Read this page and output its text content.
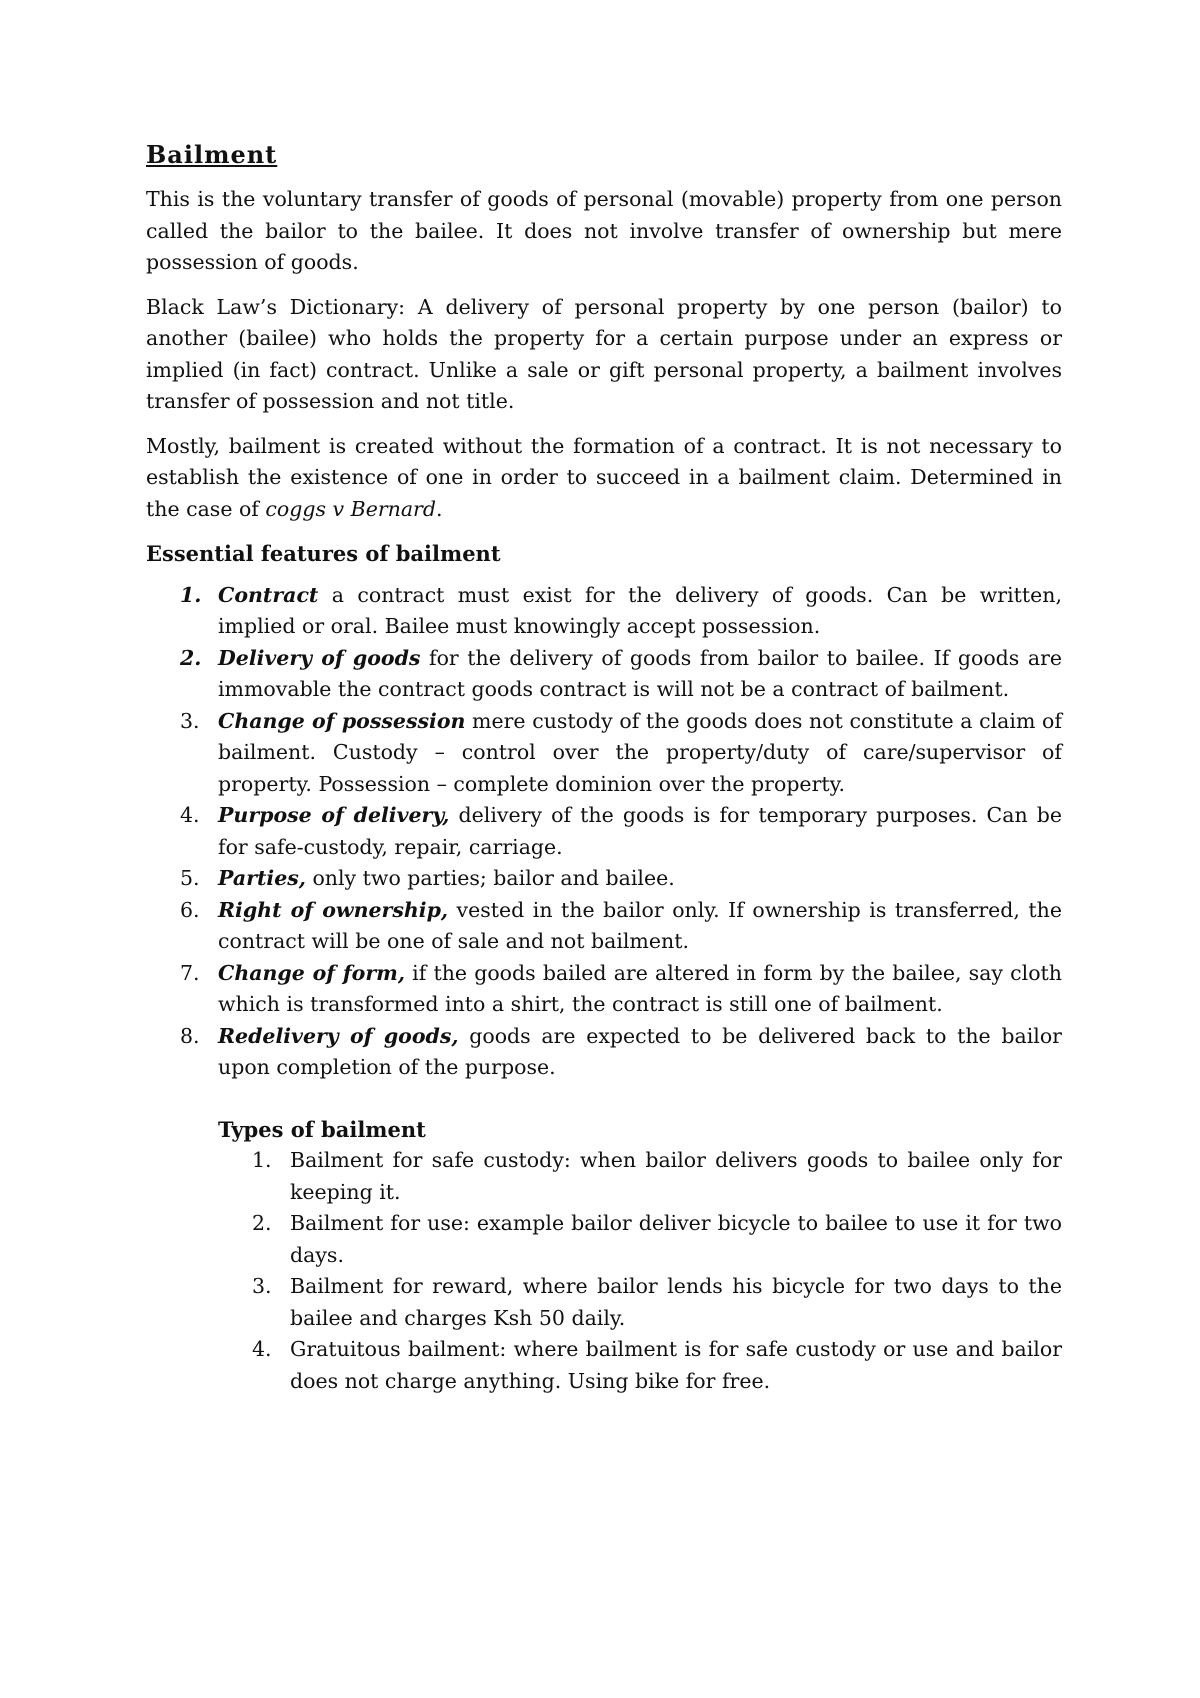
Bailment

This is the voluntary transfer of goods of personal (movable) property from one person called the bailor to the bailee. It does not involve transfer of ownership but mere possession of goods.

Black Law’s Dictionary: A delivery of personal property by one person (bailor) to another (bailee) who holds the property for a certain purpose under an express or implied (in fact) contract. Unlike a sale or gift personal property, a bailment involves transfer of possession and not title.

Mostly, bailment is created without the formation of a contract. It is not necessary to establish the existence of one in order to succeed in a bailment claim. Determined in the case of coggs v Bernard.

Essential features of bailment
1. Contract a contract must exist for the delivery of goods. Can be written, implied or oral. Bailee must knowingly accept possession.
2. Delivery of goods for the delivery of goods from bailor to bailee. If goods are immovable the contract goods contract is will not be a contract of bailment.
3. Change of possession mere custody of the goods does not constitute a claim of bailment. Custody – control over the property/duty of care/supervisor of property. Possession – complete dominion over the property.
4. Purpose of delivery, delivery of the goods is for temporary purposes. Can be for safe-custody, repair, carriage.
5. Parties, only two parties; bailor and bailee.
6. Right of ownership, vested in the bailor only. If ownership is transferred, the contract will be one of sale and not bailment.
7. Change of form, if the goods bailed are altered in form by the bailee, say cloth which is transformed into a shirt, the contract is still one of bailment.
8. Redelivery of goods, goods are expected to be delivered back to the bailor upon completion of the purpose.
Types of bailment
1. Bailment for safe custody: when bailor delivers goods to bailee only for keeping it.
2. Bailment for use: example bailor deliver bicycle to bailee to use it for two days.
3. Bailment for reward, where bailor lends his bicycle for two days to the bailee and charges Ksh 50 daily.
4. Gratuitous bailment: where bailment is for safe custody or use and bailor does not charge anything. Using bike for free.
